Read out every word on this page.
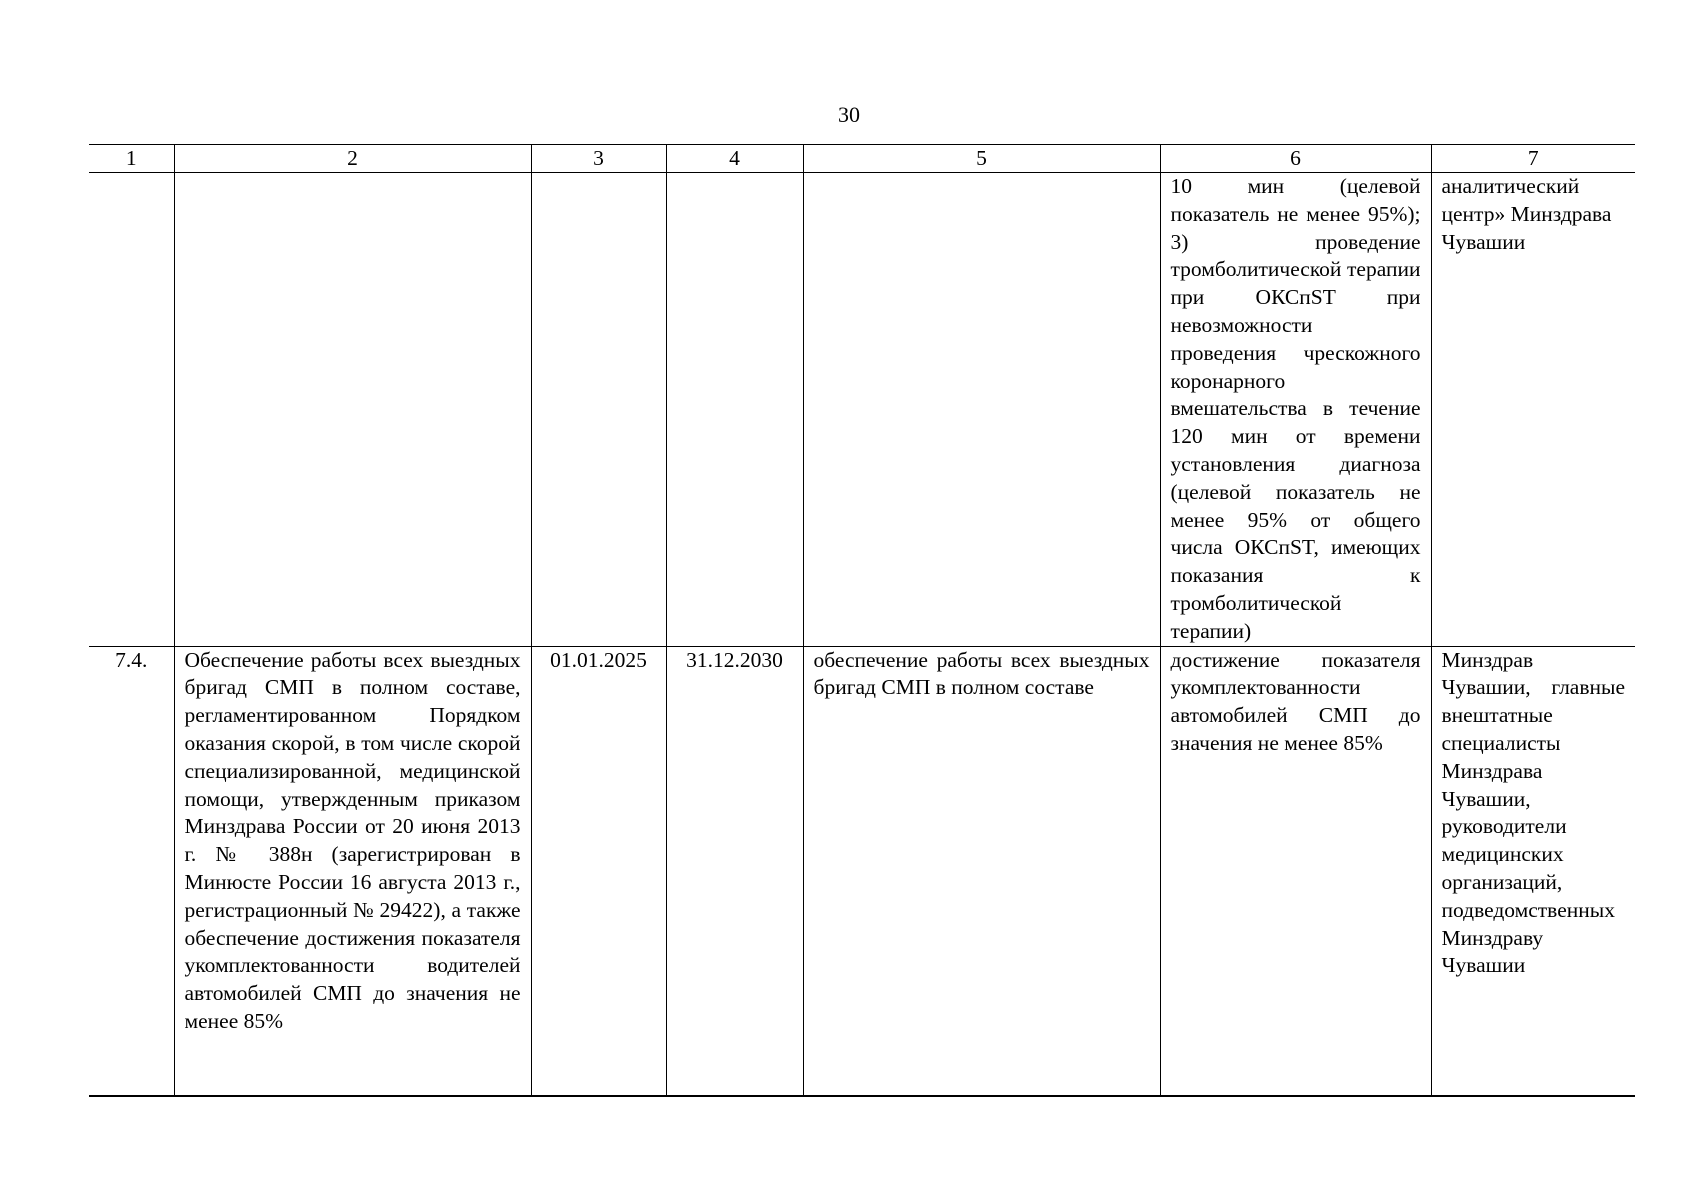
30
1	2	3	4	5	6	7
					10 мин (целевой показатель не менее 95%); 3) проведение тромболитической терапии при ОКСпST при невозможности проведения чрескожного коронарного вмешательства в течение 120 мин от времени установления диагноза (целевой показатель не менее 95% от общего числа ОКСпST, имеющих показания к тромболитической терапии)	аналитический центр» Минздрава Чувашии
7.4.	Обеспечение работы всех выездных бригад СМП в полном составе, регламентированном Порядком оказания скорой, в том числе скорой специализированной, медицинской помощи, утвержденным приказом Минздрава России от 20 июня 2013 г. № 388н (зарегистрирован в Минюсте России 16 августа 2013 г., регистрационный № 29422), а также обеспечение достижения показателя укомплектованности водителей автомобилей СМП до значения не менее 85%	01.01.2025	31.12.2030	обеспечение работы всех выездных бригад СМП в полном составе	достижение показателя укомплектованности автомобилей СМП до значения не менее 85%	Минздрав Чувашии, главные внештатные специалисты Минздрава Чувашии, руководители медицинских организаций, подведомственных Минздраву Чувашии
